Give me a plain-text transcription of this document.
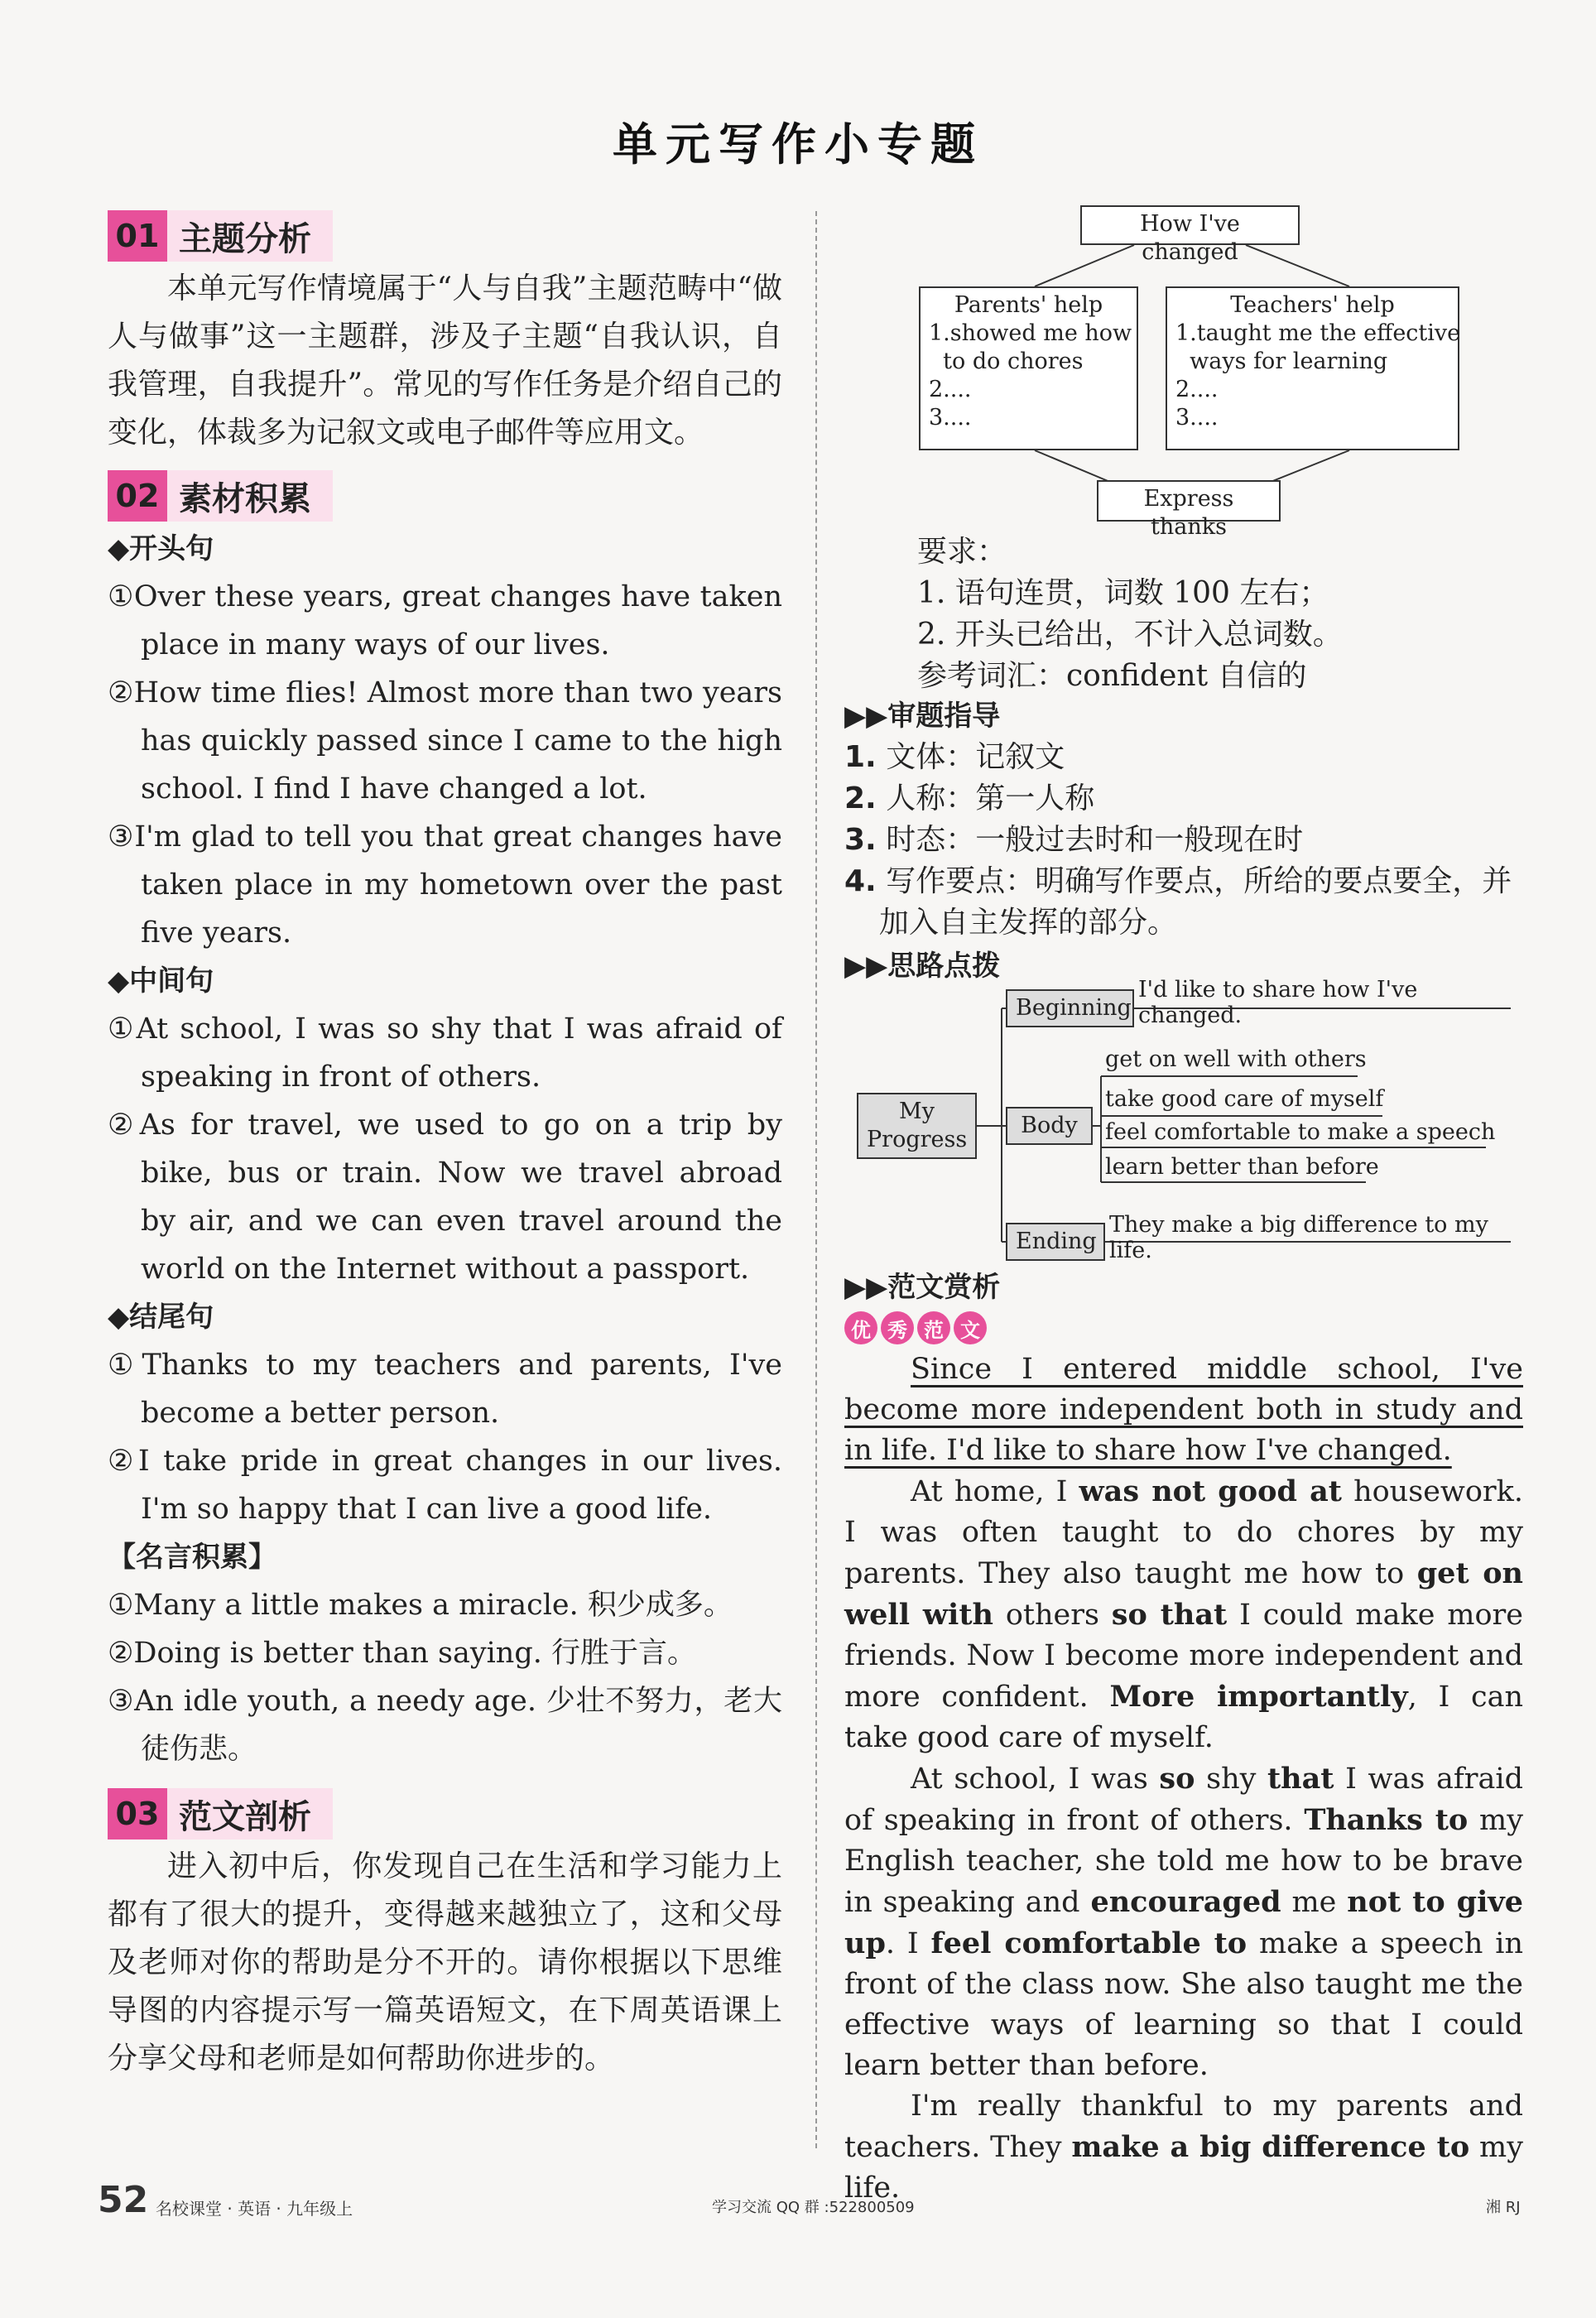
单元写作小专题
01 主题分析
本单元写作情境属于“人与自我”主题范畴中“做人与做事”这一主题群，涉及子主题“自我认识，自我管理，自我提升”。常见的写作任务是介绍自己的变化，体裁多为记叙文或电子邮件等应用文。
02 素材积累
◆开头句
①Over these years, great changes have taken place in many ways of our lives.
②How time flies! Almost more than two years has quickly passed since I came to the high school. I find I have changed a lot.
③I'm glad to tell you that great changes have taken place in my hometown over the past five years.
◆中间句
①At school, I was so shy that I was afraid of speaking in front of others.
②As for travel, we used to go on a trip by bike, bus or train. Now we travel abroad by air, and we can even travel around the world on the Internet without a passport.
◆结尾句
①Thanks to my teachers and parents, I've become a better person.
②I take pride in great changes in our lives. I'm so happy that I can live a good life.
【名言积累】
①Many a little makes a miracle. 积少成多。
②Doing is better than saying. 行胜于言。
③An idle youth, a needy age. 少壮不努力，老大徒伤悲。
03 范文剖析
进入初中后，你发现自己在生活和学习能力上都有了很大的提升，变得越来越独立了，这和父母及老师对你的帮助是分不开的。请你根据以下思维导图的内容提示写一篇英语短文，在下周英语课上分享父母和老师是如何帮助你进步的。
How I've changed
Parents' help
1.showed me how
to do chores
2....
3....
Teachers' help
1.taught me the effective
ways for learning
2....
3....
Express thanks
要求：
1. 语句连贯，词数 100 左右；
2. 开头已给出，不计入总词数。
参考词汇：confident 自信的
▶▶审题指导
1. 文体：记叙文
2. 人称：第一人称
3. 时态：一般过去时和一般现在时
4. 写作要点：明确写作要点，所给的要点要全，并加入自主发挥的部分。
▶▶思路点拨
My Progress
Beginning
I'd like to share how I've changed.
Body
get on well with others
take good care of myself
feel comfortable to make a speech
learn better than before
Ending
They make a big difference to my life.
▶▶范文赏析
优 秀 范 文

Since I entered middle school, I've become more independent both in study and in life. I'd like to share how I've changed.

At home, I was not good at housework. I was often taught to do chores by my parents. They also taught me how to get on well with others so that I could make more friends. Now I become more independent and more confident. More importantly, I can take good care of myself.

At school, I was so shy that I was afraid of speaking in front of others. Thanks to my English teacher, she told me how to be brave in speaking and encouraged me not to give up. I feel comfortable to make a speech in front of the class now. She also taught me the effective ways of learning so that I could learn better than before.

I'm really thankful to my parents and teachers. They make a big difference to my life.

52 名校课堂 · 英语 · 九年级上	学习交流 QQ 群 :522800509	湘 RJ
